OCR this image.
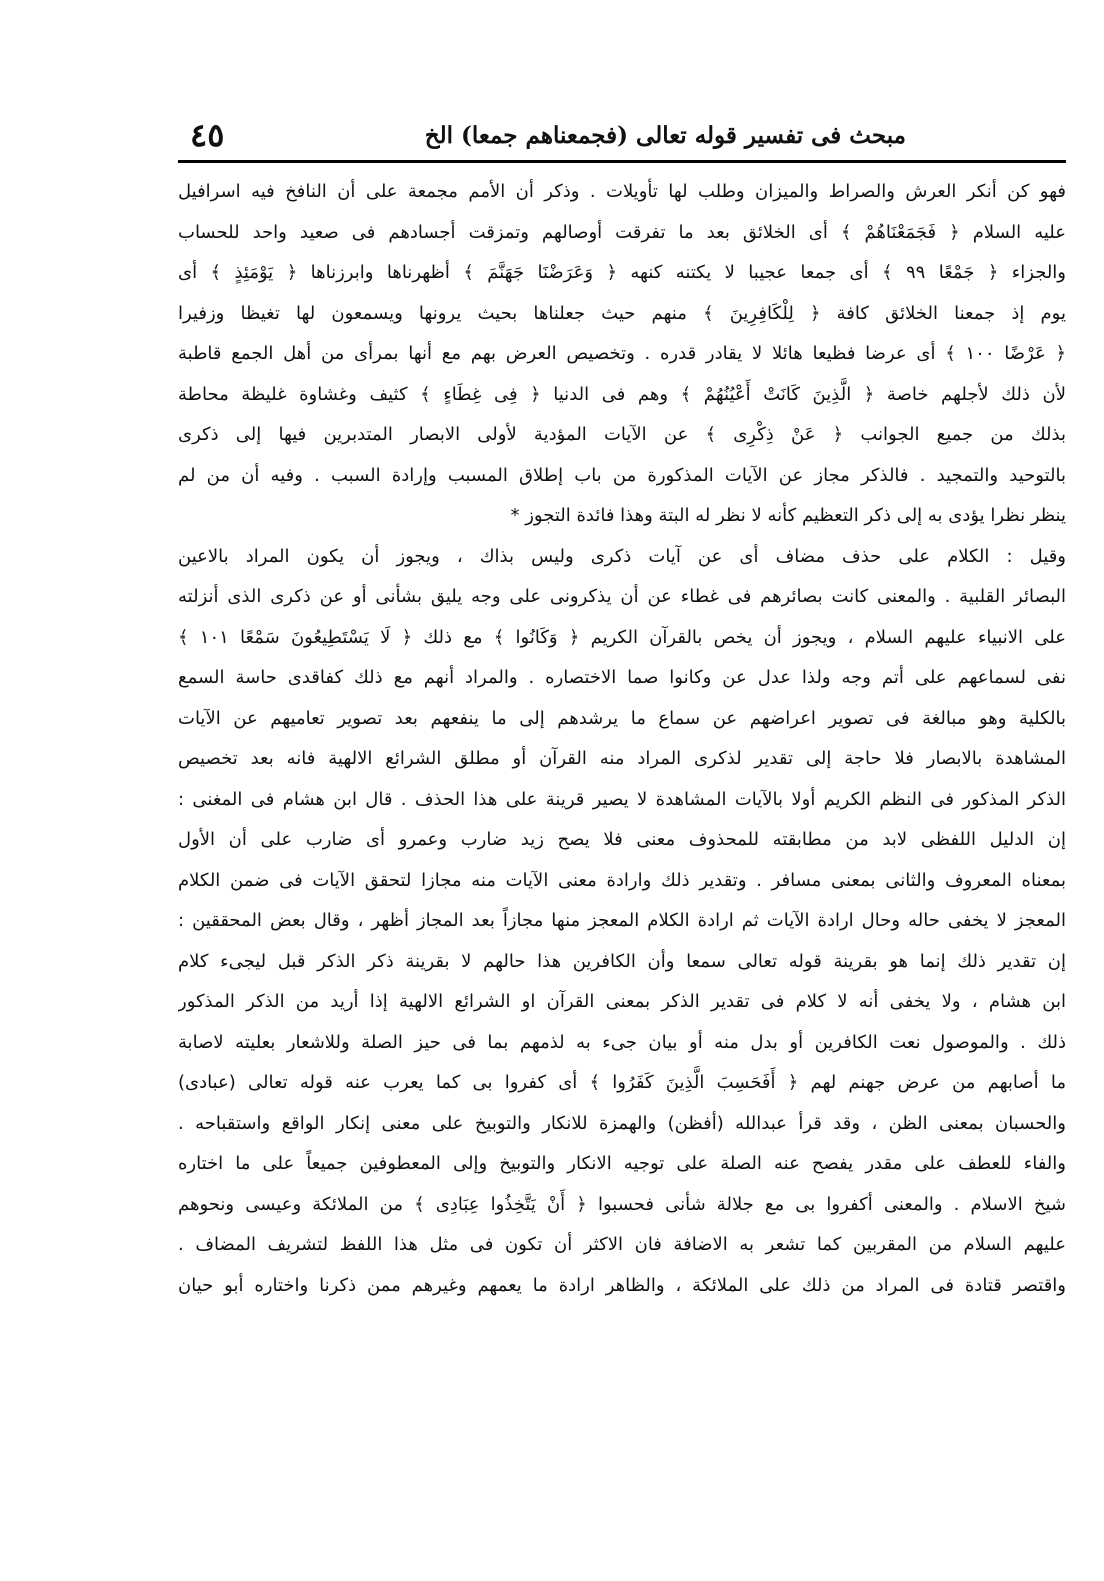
مبحث فى تفسير قوله تعالى (فجمعناهم جمعا) الخ
٤٥
فهو كن أنكر العرش والصراط والميزان وطلب لها تأويلات . وذكر أن الأمم مجمعة على أن النافخ فيه اسرافيل
عليه السلام ﴿ فَجَمَعْنَاهُمْ ﴾ أى الخلائق بعد ما تفرقت أوصالهم وتمزقت أجسادهم فى صعيد واحد للحساب
والجزاء ﴿ جَمْعًا ٩٩ ﴾ أى جمعا عجيبا لا يكتنه كنهه ﴿ وَعَرَضْنَا جَهَنَّمَ ﴾ أظهرناها وابرزناها ﴿ يَوْمَئِذٍ ﴾ أى
يوم إذ جمعنا الخلائق كافة ﴿ لِلْكَافِرِينَ ﴾ منهم حيث جعلناها بحيث يرونها ويسمعون لها تغيظا وزفيرا
﴿ عَرْضًا ١٠٠ ﴾ أى عرضا فظيعا هائلا لا يقادر قدره . وتخصيص العرض بهم مع أنها بمرأى من أهل الجمع قاطبة
لأن ذلك لأجلهم خاصة ﴿ الَّذِينَ كَانَتْ أَعْيُنُهُمْ ﴾ وهم فى الدنيا ﴿ فِى غِطَاءٍ ﴾ كثيف وغشاوة غليظة محاطة
بذلك من جميع الجوانب ﴿ عَنْ ذِكْرِى ﴾ عن الآيات المؤدية لأولى الابصار المتدبرين فيها إلى ذكرى
بالتوحيد والتمجيد . فالذكر مجاز عن الآيات المذكورة من باب إطلاق المسبب وإرادة السبب . وفيه أن من لم
ينظر نظرا يؤدى به إلى ذكر التعظيم كأنه لا نظر له البتة وهذا فائدة التجوز *
وقيل : الكلام على حذف مضاف أى عن آيات ذكرى وليس بذاك ، ويجوز أن يكون المراد بالاعين
البصائر القلبية . والمعنى كانت بصائرهم فى غطاء عن أن يذكرونى على وجه يليق بشأنى أو عن ذكرى الذى أنزلته
على الانبياء عليهم السلام ، ويجوز أن يخص بالقرآن الكريم ﴿ وَكَانُوا ﴾ مع ذلك ﴿ لَا يَسْتَطِيعُونَ سَمْعًا ١٠١ ﴾
نفى لسماعهم على أتم وجه ولذا عدل عن وكانوا صما الاختصاره . والمراد أنهم مع ذلك كفاقدى حاسة السمع
بالكلية وهو مبالغة فى تصوير اعراضهم عن سماع ما يرشدهم إلى ما ينفعهم بعد تصوير تعاميهم عن الآيات
المشاهدة بالابصار فلا حاجة إلى تقدير لذكرى المراد منه القرآن أو مطلق الشرائع الالهية فانه بعد تخصيص
الذكر المذكور فى النظم الكريم أولا بالآيات المشاهدة لا يصير قرينة على هذا الحذف . قال ابن هشام فى المغنى :
إن الدليل اللفظى لابد من مطابقته للمحذوف معنى فلا يصح زيد ضارب وعمرو أى ضارب على أن الأول
بمعناه المعروف والثانى بمعنى مسافر . وتقدير ذلك وارادة معنى الآيات منه مجازا لتحقق الآيات فى ضمن الكلام
المعجز لا يخفى حاله وحال ارادة الآيات ثم ارادة الكلام المعجز منها مجازاً بعد المجاز أظهر ، وقال بعض المحققين :
إن تقدير ذلك إنما هو بقرينة قوله تعالى سمعا وأن الكافرين هذا حالهم لا بقرينة ذكر الذكر قبل ليجىء كلام
ابن هشام ، ولا يخفى أنه لا كلام فى تقدير الذكر بمعنى القرآن او الشرائع الالهية إذا أريد من الذكر المذكور
ذلك . والموصول نعت الكافرين أو بدل منه أو بيان جىء به لذمهم بما فى حيز الصلة وللاشعار بعليته لاصابة
ما أصابهم من عرض جهنم لهم ﴿ أَفَحَسِبَ الَّذِينَ كَفَرُوا ﴾ أى كفروا بى كما يعرب عنه قوله تعالى (عبادى)
والحسبان بمعنى الظن ، وقد قرأ عبدالله (أفظن) والهمزة للانكار والتوبيخ على معنى إنكار الواقع واستقباحه .
والفاء للعطف على مقدر يفصح عنه الصلة على توجيه الانكار والتوبيخ وإلى المعطوفين جميعاً على ما اختاره
شيخ الاسلام . والمعنى أكفروا بى مع جلالة شأنى فحسبوا ﴿ أَنْ يَتَّخِذُوا عِبَادِى ﴾ من الملائكة وعيسى ونحوهم
عليهم السلام من المقربين كما تشعر به الاضافة فان الاكثر أن تكون فى مثل هذا اللفظ لتشريف المضاف .
واقتصر قتادة فى المراد من ذلك على الملائكة ، والظاهر ارادة ما يعمهم وغيرهم ممن ذكرنا واختاره أبو حيان
